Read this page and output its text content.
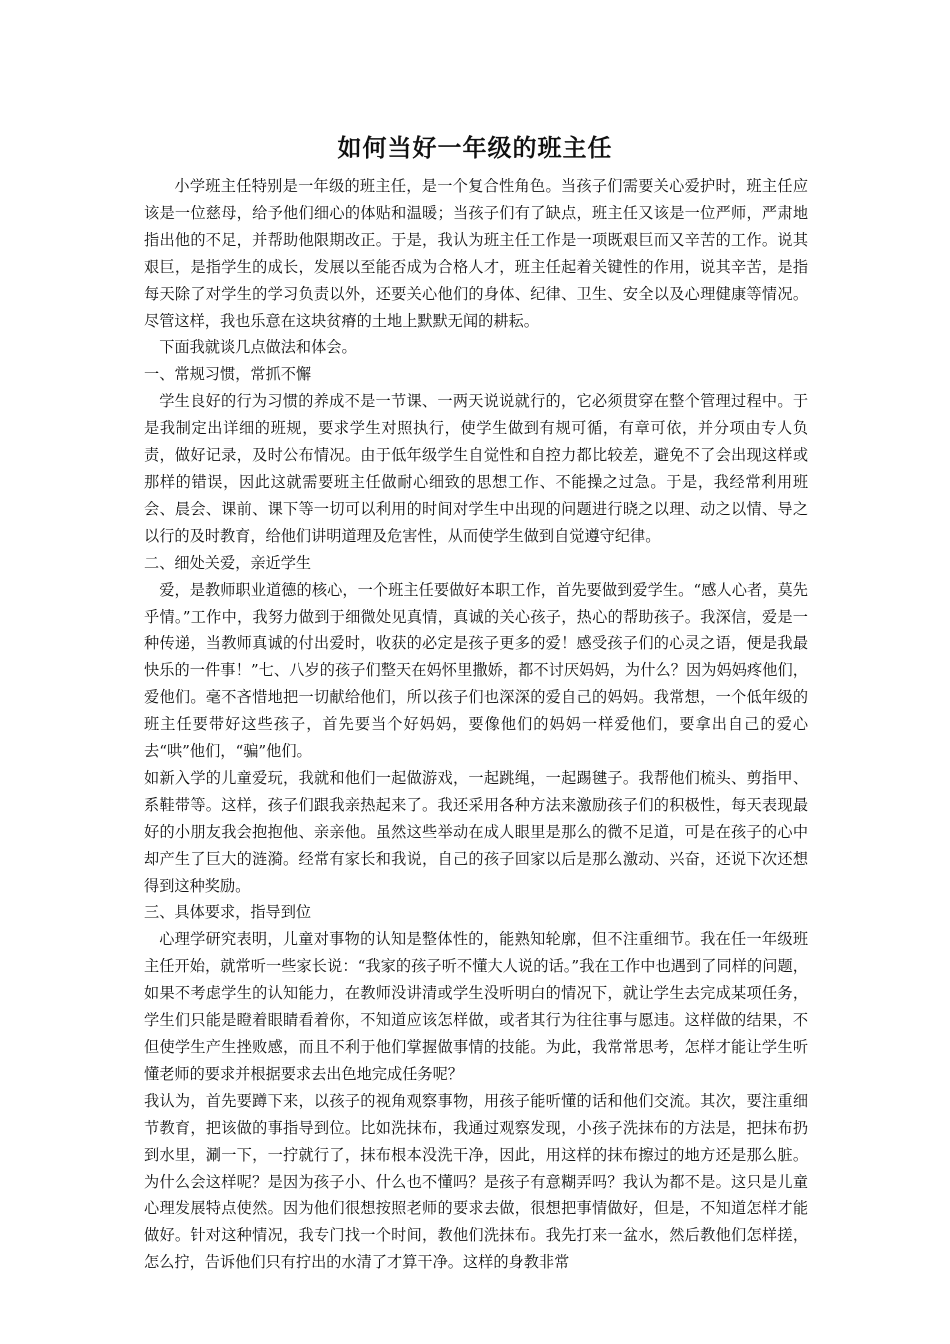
如何当好一年级的班主任

小学班主任特别是一年级的班主任，是一个复合性角色。当孩子们需要关心爱护时，班主任应该是一位慈母，给予他们细心的体贴和温暖；当孩子们有了缺点，班主任又该是一位严师，严肃地指出他的不足，并帮助他限期改正。于是，我认为班主任工作是一项既艰巨而又辛苦的工作。说其艰巨，是指学生的成长，发展以至能否成为合格人才，班主任起着关键性的作用，说其辛苦，是指每天除了对学生的学习负责以外，还要关心他们的身体、纪律、卫生、安全以及心理健康等情况。尽管这样，我也乐意在这块贫瘠的土地上默默无闻的耕耘。

下面我就谈几点做法和体会。

一、常规习惯，常抓不懈

学生良好的行为习惯的养成不是一节课、一两天说说就行的，它必须贯穿在整个管理过程中。于是我制定出详细的班规，要求学生对照执行，使学生做到有规可循，有章可依，并分项由专人负责，做好记录，及时公布情况。由于低年级学生自觉性和自控力都比较差，避免不了会出现这样或那样的错误，因此这就需要班主任做耐心细致的思想工作、不能操之过急。于是，我经常利用班会、晨会、课前、课下等一切可以利用的时间对学生中出现的问题进行晓之以理、动之以情、导之以行的及时教育，给他们讲明道理及危害性，从而使学生做到自觉遵守纪律。

二、细处关爱，亲近学生

爱，是教师职业道德的核心，一个班主任要做好本职工作，首先要做到爱学生。“感人心者，莫先乎情。”工作中，我努力做到于细微处见真情，真诚的关心孩子，热心的帮助孩子。我深信，爱是一种传递，当教师真诚的付出爱时，收获的必定是孩子更多的爱！感受孩子们的心灵之语，便是我最快乐的一件事！”七、八岁的孩子们整天在妈怀里撒娇，都不讨厌妈妈，为什么？因为妈妈疼他们，爱他们。毫不吝惜地把一切献给他们，所以孩子们也深深的爱自己的妈妈。我常想，一个低年级的班主任要带好这些孩子，首先要当个好妈妈，要像他们的妈妈一样爱他们，要拿出自己的爱心去“哄”他们，“骗”他们。

如新入学的儿童爱玩，我就和他们一起做游戏，一起跳绳，一起踢毽子。我帮他们梳头、剪指甲、系鞋带等。这样，孩子们跟我亲热起来了。我还采用各种方法来激励孩子们的积极性，每天表现最好的小朋友我会抱抱他、亲亲他。虽然这些举动在成人眼里是那么的微不足道，可是在孩子的心中却产生了巨大的涟漪。经常有家长和我说，自己的孩子回家以后是那么激动、兴奋，还说下次还想得到这种奖励。

三、具体要求，指导到位

心理学研究表明，儿童对事物的认知是整体性的，能熟知轮廓，但不注重细节。我在任一年级班主任开始，就常听一些家长说：“我家的孩子听不懂大人说的话。”我在工作中也遇到了同样的问题，如果不考虑学生的认知能力，在教师没讲清或学生没听明白的情况下，就让学生去完成某项任务，学生们只能是瞪着眼睛看着你，不知道应该怎样做，或者其行为往往事与愿违。这样做的结果，不但使学生产生挫败感，而且不利于他们掌握做事情的技能。为此，我常常思考，怎样才能让学生听懂老师的要求并根据要求去出色地完成任务呢？

我认为，首先要蹲下来，以孩子的视角观察事物，用孩子能听懂的话和他们交流。其次，要注重细节教育，把该做的事指导到位。比如洗抹布，我通过观察发现，小孩子洗抹布的方法是，把抹布扔到水里，涮一下，一拧就行了，抹布根本没洗干净，因此，用这样的抹布擦过的地方还是那么脏。为什么会这样呢？是因为孩子小、什么也不懂吗？是孩子有意糊弄吗？我认为都不是。这只是儿童心理发展特点使然。因为他们很想按照老师的要求去做，很想把事情做好，但是，不知道怎样才能做好。针对这种情况，我专门找一个时间，教他们洗抹布。我先打来一盆水，然后教他们怎样搓，怎么拧，告诉他们只有拧出的水清了才算干净。这样的身教非常
